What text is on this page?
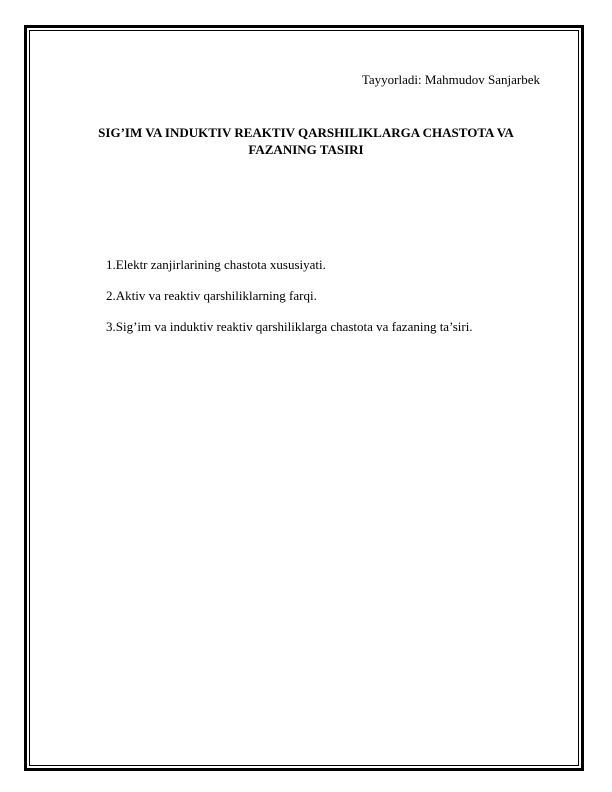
Tayyorladi: Mahmudov Sanjarbek
SIG’IM VA INDUKTIV REAKTIV QARSHILIKLARGA CHASTOTA VA
FAZANING TASIRI
1.Elektr zanjirlarining chastota xususiyati.
2.Aktiv va reaktiv qarshiliklarning farqi.
3.Sig’im va induktiv reaktiv qarshiliklarga chastota va fazaning ta’siri.
